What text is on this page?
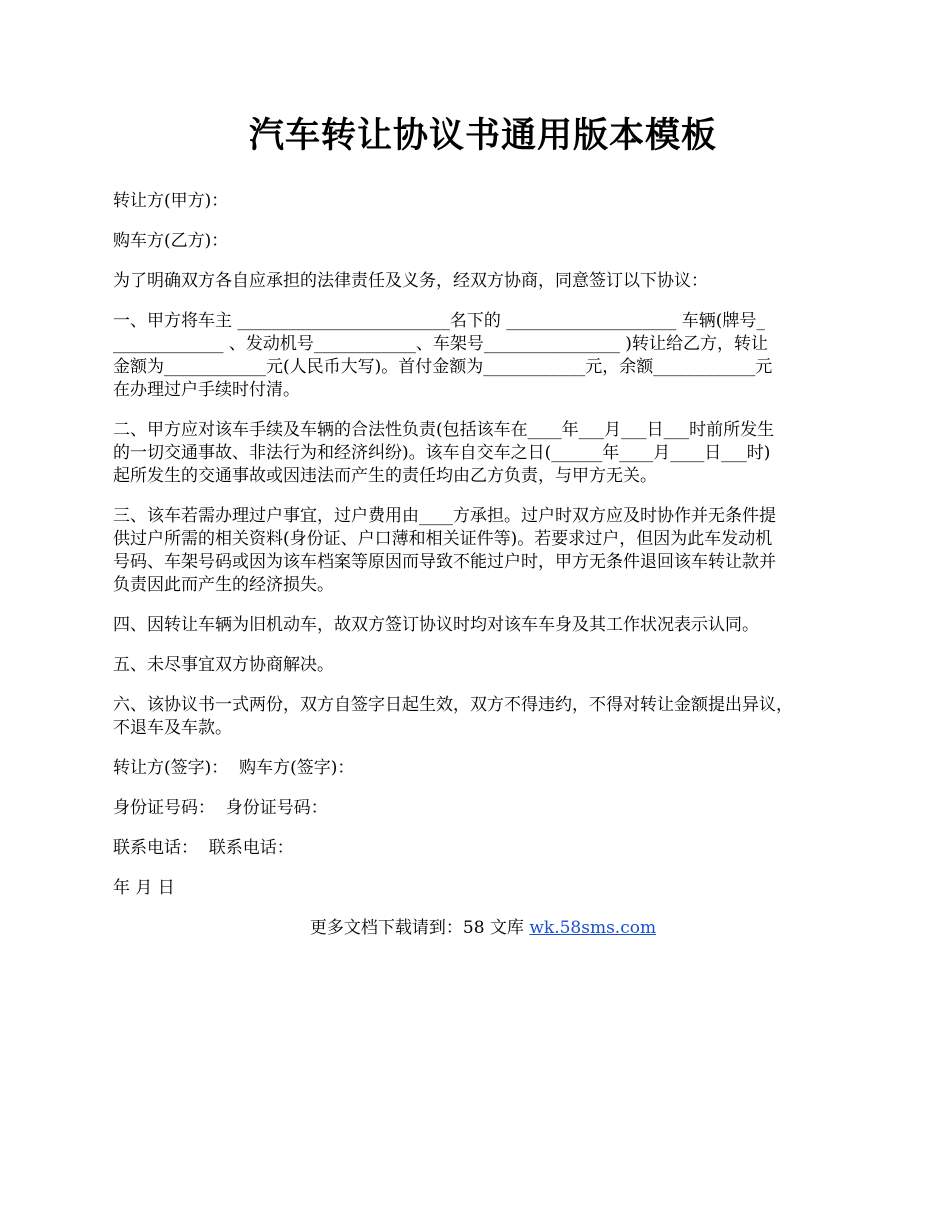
汽车转让协议书通用版本模板

转让方(甲方)：

购车方(乙方)：

为了明确双方各自应承担的法律责任及义务，经双方协商，同意签订以下协议：

一、甲方将车主 _________________________名下的 ____________________ 车辆(牌号_
_____________ 、发动机号____________、车架号________________ )转让给乙方，转让
金额为____________元(人民币大写)。首付金额为____________元，余额____________元
在办理过户手续时付清。

二、甲方应对该车手续及车辆的合法性负责(包括该车在____年___月___日___时前所发生
的一切交通事故、非法行为和经济纠纷)。该车自交车之日(______年____月____日___时)
起所发生的交通事故或因违法而产生的责任均由乙方负责，与甲方无关。

三、该车若需办理过户事宜，过户费用由____方承担。过户时双方应及时协作并无条件提
供过户所需的相关资料(身份证、户口薄和相关证件等)。若要求过户，但因为此车发动机
号码、车架号码或因为该车档案等原因而导致不能过户时，甲方无条件退回该车转让款并
负责因此而产生的经济损失。

四、因转让车辆为旧机动车，故双方签订协议时均对该车车身及其工作状况表示认同。

五、未尽事宜双方协商解决。

六、该协议书一式两份，双方自签字日起生效，双方不得违约，不得对转让金额提出异议，
不退车及车款。

转让方(签字)：  购车方(签字)：

身份证号码：  身份证号码：

联系电话：  联系电话：

年 月 日

更多文档下载请到：58 文库 wk.58sms.com
